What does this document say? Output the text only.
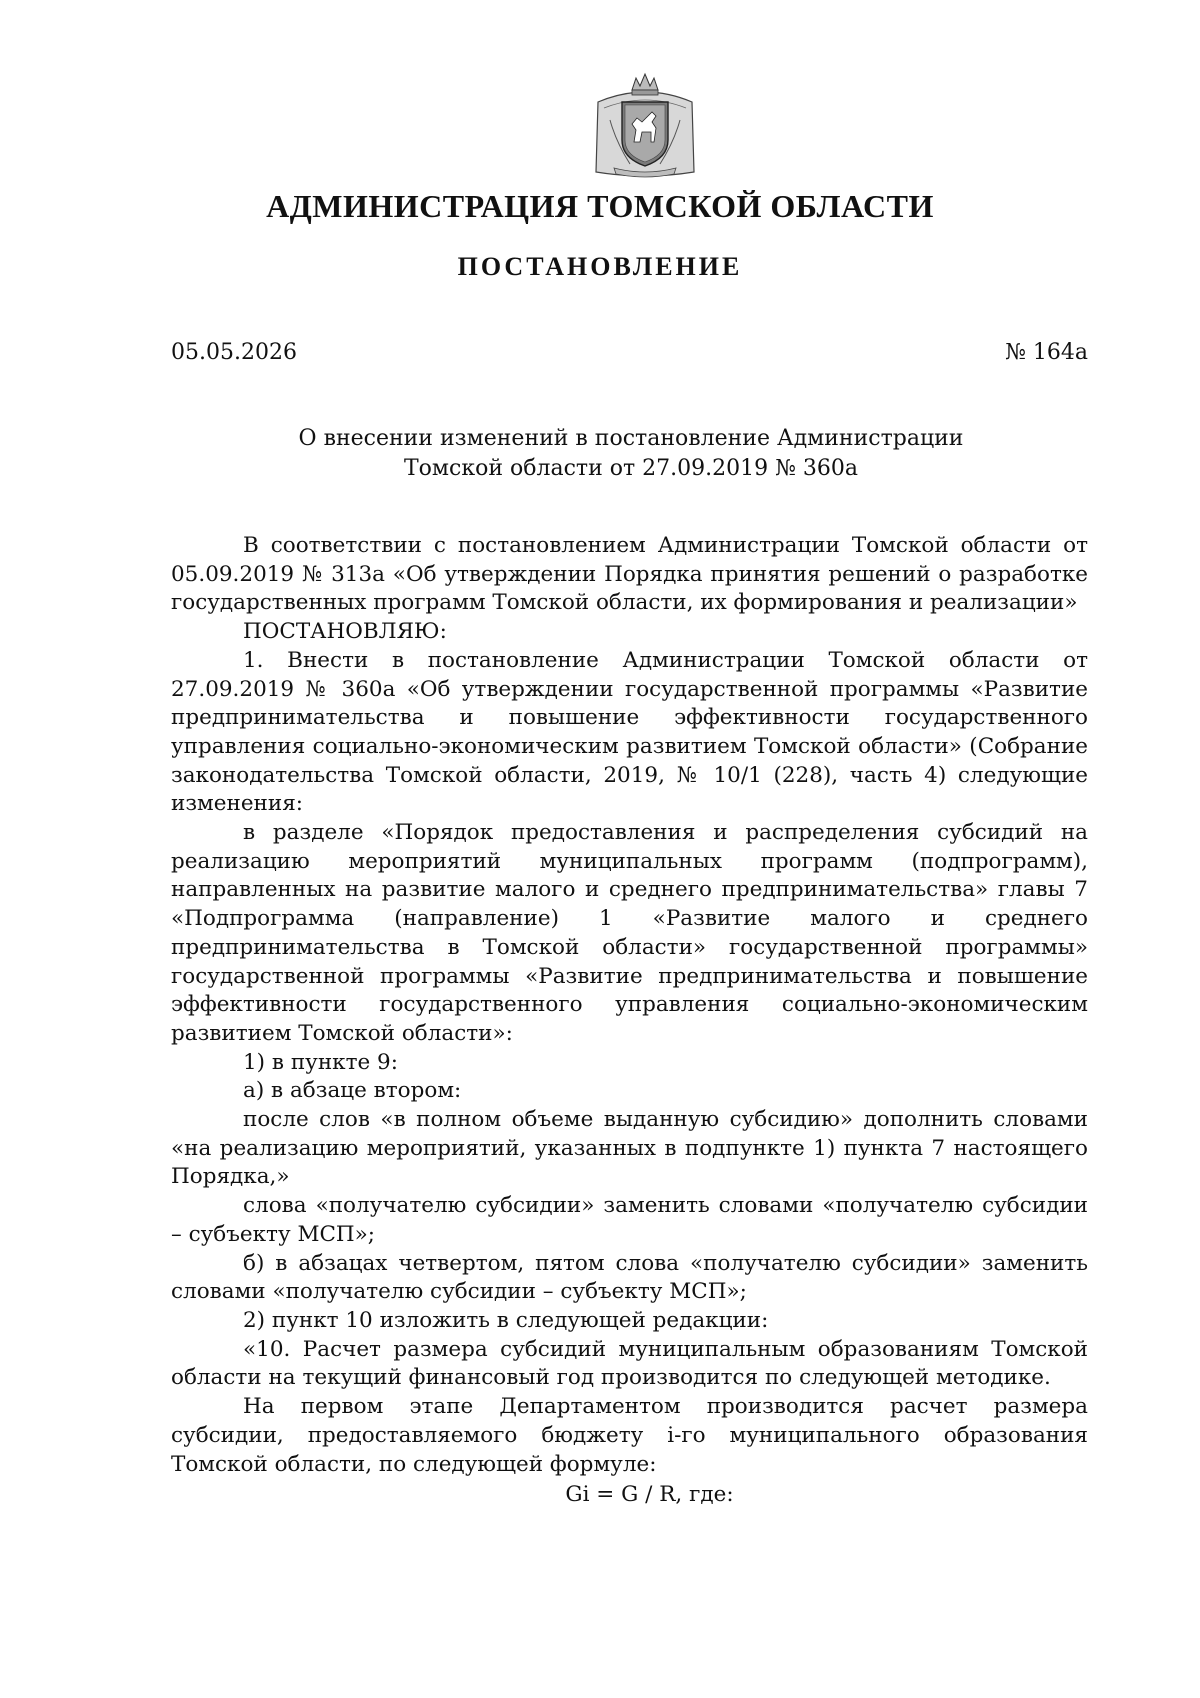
АДМИНИСТРАЦИЯ ТОМСКОЙ ОБЛАСТИ
ПОСТАНОВЛЕНИЕ
05.05.2026	№ 164а
О внесении изменений в постановление Администрации
Томской области от 27.09.2019 № 360а

В соответствии с постановлением Администрации Томской области от 05.09.2019 № 313а «Об утверждении Порядка принятия решений о разработке государственных программ Томской области, их формирования и реализации»

ПОСТАНОВЛЯЮ:

1. Внести в постановление Администрации Томской области от 27.09.2019 № 360а «Об утверждении государственной программы «Развитие предпринимательства и повышение эффективности государственного управления социально-экономическим развитием Томской области» (Собрание законодательства Томской области, 2019, № 10/1 (228), часть 4) следующие изменения:

в разделе «Порядок предоставления и распределения субсидий на реализацию мероприятий муниципальных программ (подпрограмм), направленных на развитие малого и среднего предпринимательства» главы 7 «Подпрограмма (направление) 1 «Развитие малого и среднего предпринимательства в Томской области» государственной программы» государственной программы «Развитие предпринимательства и повышение эффективности государственного управления социально-экономическим развитием Томской области»:

1) в пункте 9:

а) в абзаце втором:

после слов «в полном объеме выданную субсидию» дополнить словами «на реализацию мероприятий, указанных в подпункте 1) пункта 7 настоящего Порядка,»

слова «получателю субсидии» заменить словами «получателю субсидии – субъекту МСП»;

б) в абзацах четвертом, пятом слова «получателю субсидии» заменить словами «получателю субсидии – субъекту МСП»;

2) пункт 10 изложить в следующей редакции:

«10. Расчет размера субсидий муниципальным образованиям Томской области на текущий финансовый год производится по следующей методике.

На первом этапе Департаментом производится расчет размера субсидии, предоставляемого бюджету i-го муниципального образования Томской области, по следующей формуле:

Gi = G / R, где:
